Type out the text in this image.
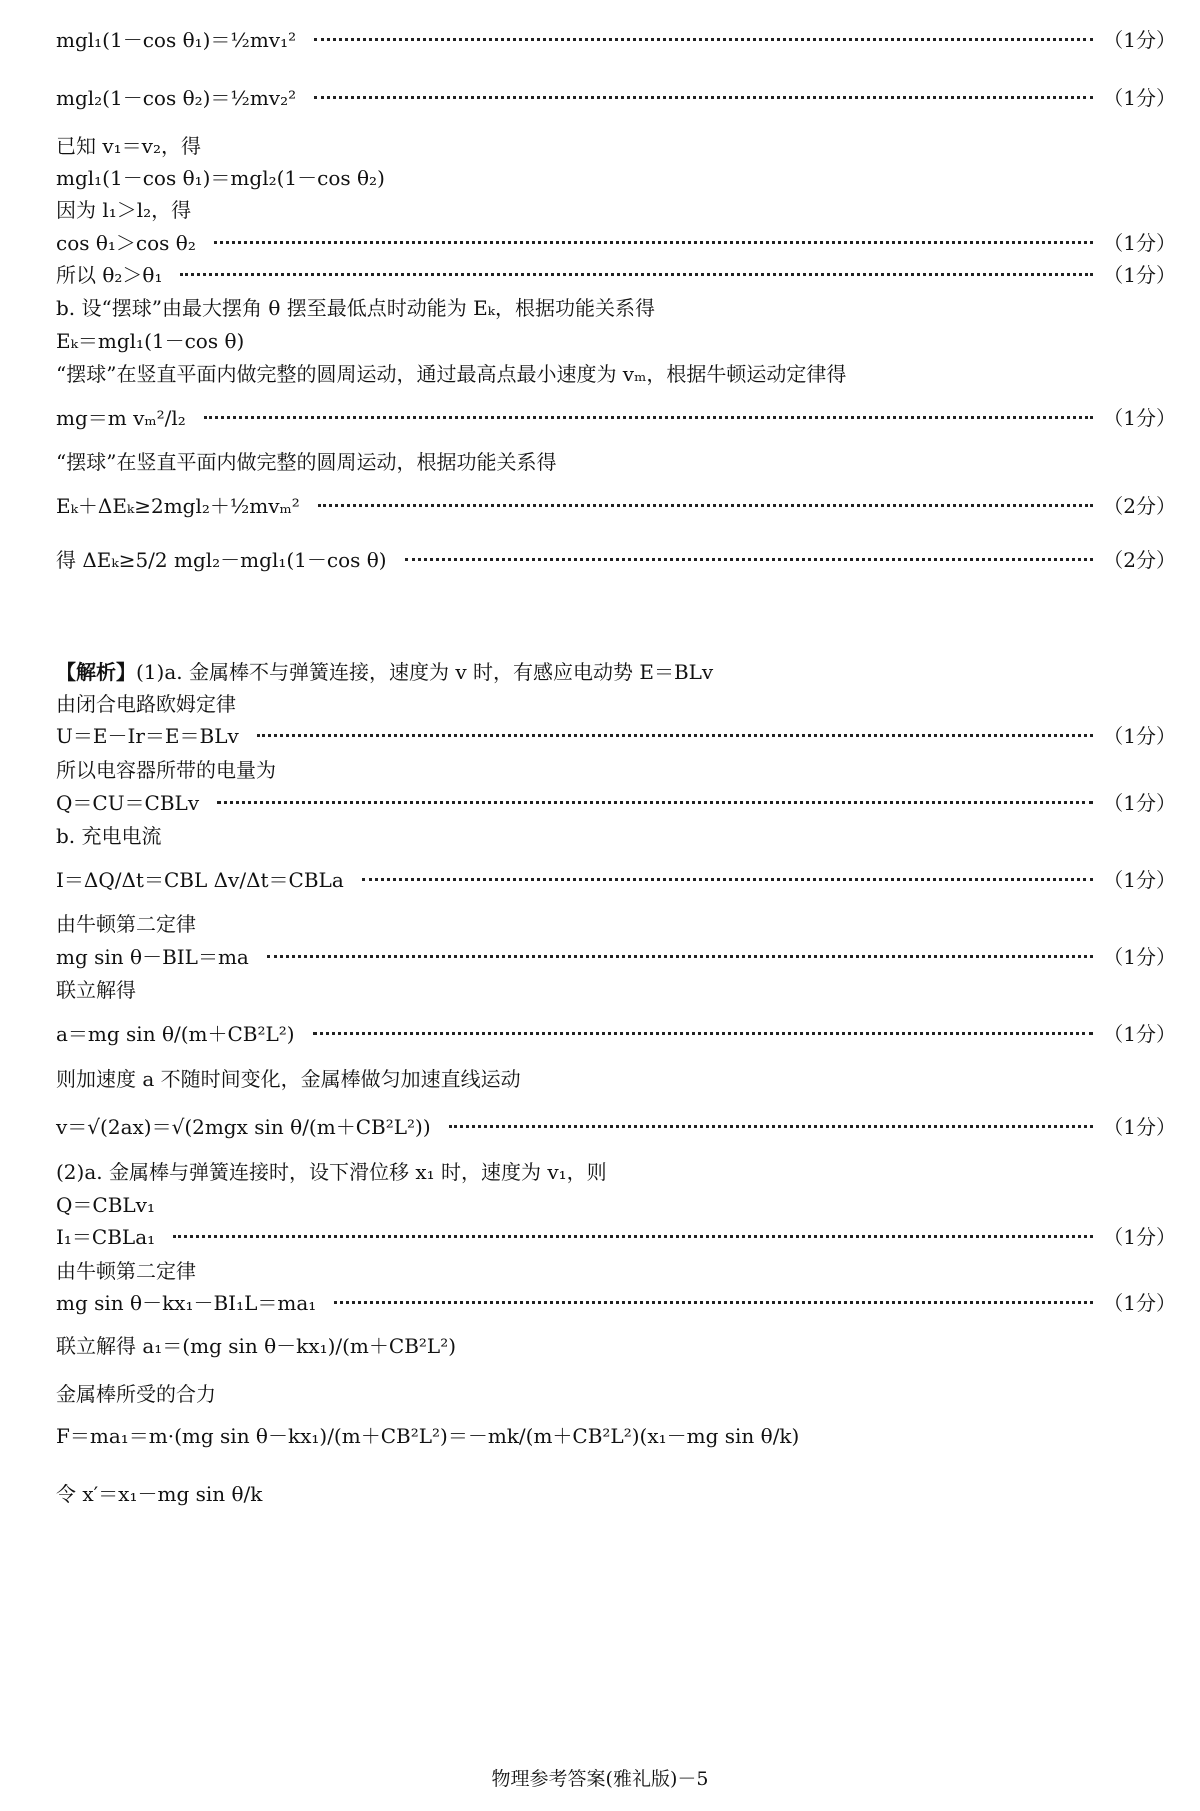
mgl₁(1－cos θ₁)＝½mv₁²	（1分）
mgl₂(1－cos θ₂)＝½mv₂²	（1分）
已知 v₁＝v₂，得
mgl₁(1－cos θ₁)＝mgl₂(1－cos θ₂)
因为 l₁＞l₂，得
cos θ₁＞cos θ₂	（1分）
所以 θ₂＞θ₁	（1分）
b. 设“摆球”由最大摆角 θ 摆至最低点时动能为 Eₖ，根据功能关系得
Eₖ＝mgl₁(1－cos θ)
“摆球”在竖直平面内做完整的圆周运动，通过最高点最小速度为 vₘ，根据牛顿运动定律得
mg＝m vₘ²/l₂	（1分）
“摆球”在竖直平面内做完整的圆周运动，根据功能关系得
Eₖ＋ΔEₖ≥2mgl₂＋½mvₘ²	（2分）
得 ΔEₖ≥5/2 mgl₂－mgl₁(1－cos θ)	（2分）
【解析】 (1)a. 金属棒不与弹簧连接，速度为 v 时，有感应电动势 E＝BLv
由闭合电路欧姆定律
U＝E－Ir＝E＝BLv	（1分）
所以电容器所带的电量为
Q＝CU＝CBLv	（1分）
b. 充电电流
I＝ΔQ/Δt＝CBL Δv/Δt＝CBLa	（1分）
由牛顿第二定律
mg sin θ－BIL＝ma	（1分）
联立解得
a＝mg sin θ/(m＋CB²L²)	（1分）
则加速度 a 不随时间变化，金属棒做匀加速直线运动
v＝√(2ax)＝√(2mgx sin θ/(m＋CB²L²))	（1分）
(2)a. 金属棒与弹簧连接时，设下滑位移 x₁ 时，速度为 v₁，则
Q＝CBLv₁
I₁＝CBLa₁	（1分）
由牛顿第二定律
mg sin θ－kx₁－BI₁L＝ma₁	（1分）
联立解得 a₁＝(mg sin θ－kx₁)/(m＋CB²L²)
金属棒所受的合力
F＝ma₁＝m·(mg sin θ－kx₁)/(m＋CB²L²)＝－mk/(m＋CB²L²)(x₁－mg sin θ/k)
令 x′＝x₁－mg sin θ/k
物理参考答案(雅礼版)－5
